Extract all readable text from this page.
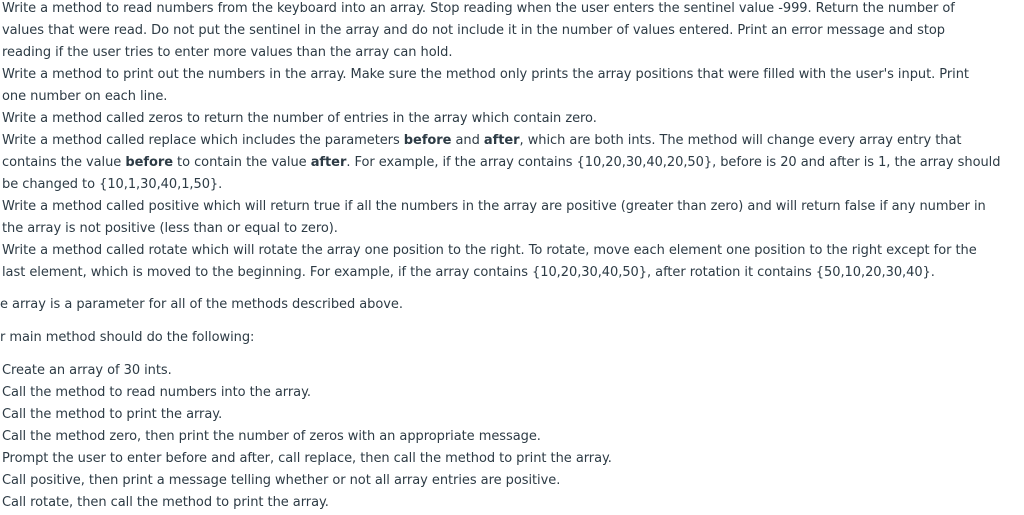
Write a method to read numbers from the keyboard into an array. Stop reading when the user enters the sentinel value -999. Return the number of
values that were read. Do not put the sentinel in the array and do not include it in the number of values entered. Print an error message and stop
reading if the user tries to enter more values than the array can hold.
Write a method to print out the numbers in the array. Make sure the method only prints the array positions that were filled with the user's input. Print
one number on each line.
Write a method called zeros to return the number of entries in the array which contain zero.
Write a method called replace which includes the parameters before and after, which are both ints. The method will change every array entry that
contains the value before to contain the value after. For example, if the array contains {10,20,30,40,20,50}, before is 20 and after is 1, the array should
be changed to {10,1,30,40,1,50}.
Write a method called positive which will return true if all the numbers in the array are positive (greater than zero) and will return false if any number in
the array is not positive (less than or equal to zero).
Write a method called rotate which will rotate the array one position to the right. To rotate, move each element one position to the right except for the
last element, which is moved to the beginning. For example, if the array contains {10,20,30,40,50}, after rotation it contains {50,10,20,30,40}.
e array is a parameter for all of the methods described above.
r main method should do the following:
Create an array of 30 ints.
Call the method to read numbers into the array.
Call the method to print the array.
Call the method zero, then print the number of zeros with an appropriate message.
Prompt the user to enter before and after, call replace, then call the method to print the array.
Call positive, then print a message telling whether or not all array entries are positive.
Call rotate, then call the method to print the array.
